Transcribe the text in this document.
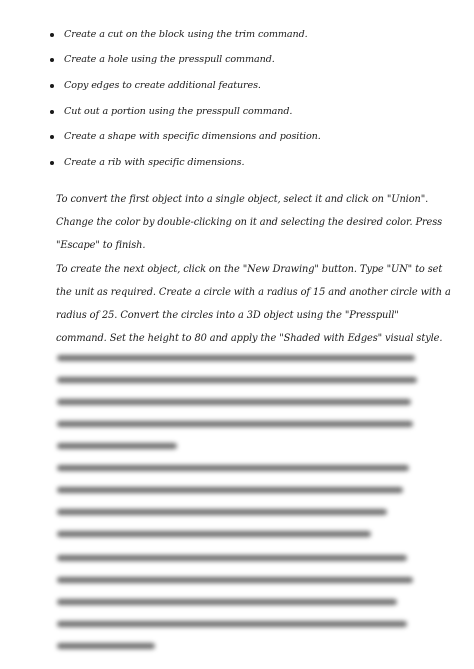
Create a cut on the block using the trim command.
Create a hole using the presspull command.
Copy edges to create additional features.
Cut out a portion using the presspull command.
Create a shape with specific dimensions and position.
Create a rib with specific dimensions.

To convert the first object into a single object, select it and click on "Union". Change the color by double-clicking on it and selecting the desired color. Press "Escape" to finish.

To create the next object, click on the "New Drawing" button. Type "UN" to set the unit as required. Create a circle with a radius of 15 and another circle with a radius of 25. Convert the circles into a 3D object using the "Presspull" command. Set the height to 80 and apply the "Shaded with Edges" visual style.
